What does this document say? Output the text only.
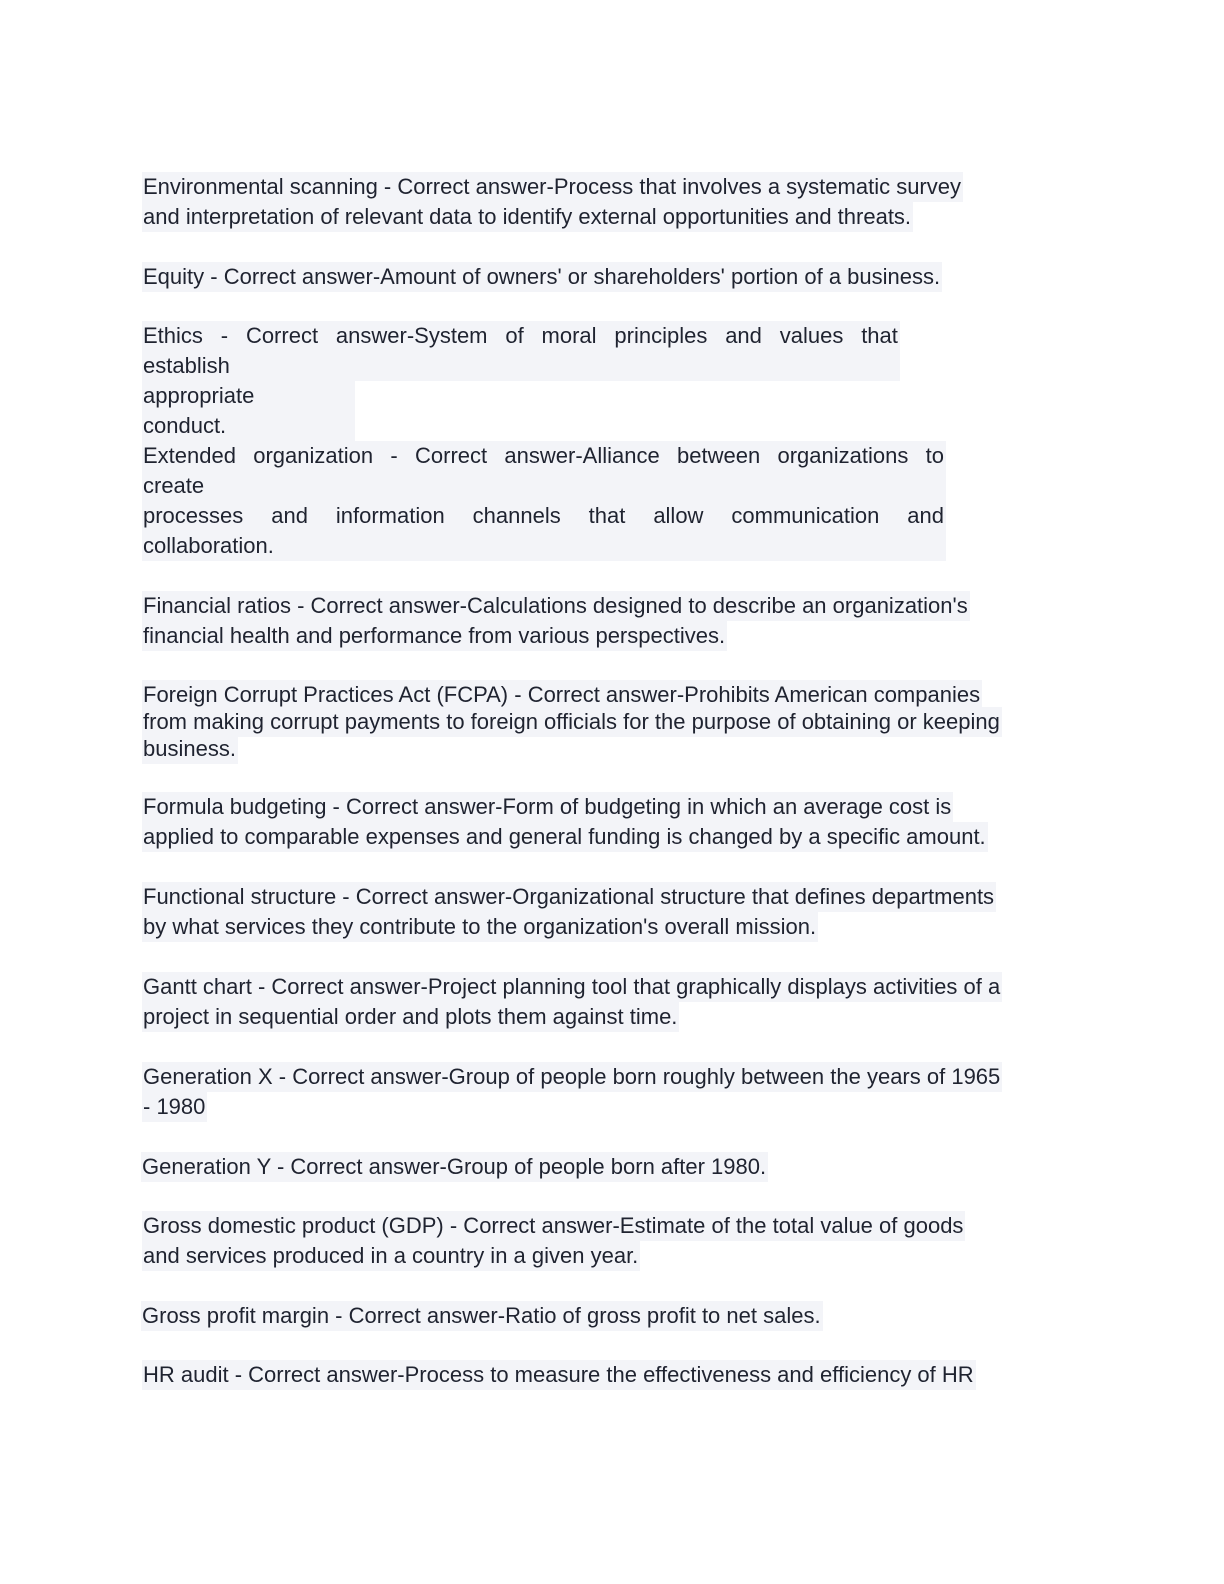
Environmental scanning - Correct answer-Process that involves a systematic survey

and interpretation of relevant data to identify external opportunities and threats.

Equity - Correct answer-Amount of owners' or shareholders' portion of a business.

Ethics - Correct answer-System of moral principles and values that

establish

appropriate

conduct.

Extended organization - Correct answer-Alliance between organizations to

create

processes and information channels that allow communication and

collaboration.

Financial ratios - Correct answer-Calculations designed to describe an organization's

financial health and performance from various perspectives.

Foreign Corrupt Practices Act (FCPA) - Correct answer-Prohibits American companies

from making corrupt payments to foreign officials for the purpose of obtaining or keeping

business.

Formula budgeting - Correct answer-Form of budgeting in which an average cost is

applied to comparable expenses and general funding is changed by a specific amount.

Functional structure - Correct answer-Organizational structure that defines departments

by what services they contribute to the organization's overall mission.

Gantt chart - Correct answer-Project planning tool that graphically displays activities of a

project in sequential order and plots them against time.

Generation X - Correct answer-Group of people born roughly between the years of 1965

- 1980

Generation Y - Correct answer-Group of people born after 1980.

Gross domestic product (GDP) - Correct answer-Estimate of the total value of goods

and services produced in a country in a given year.

Gross profit margin - Correct answer-Ratio of gross profit to net sales.

HR audit - Correct answer-Process to measure the effectiveness and efficiency of HR
